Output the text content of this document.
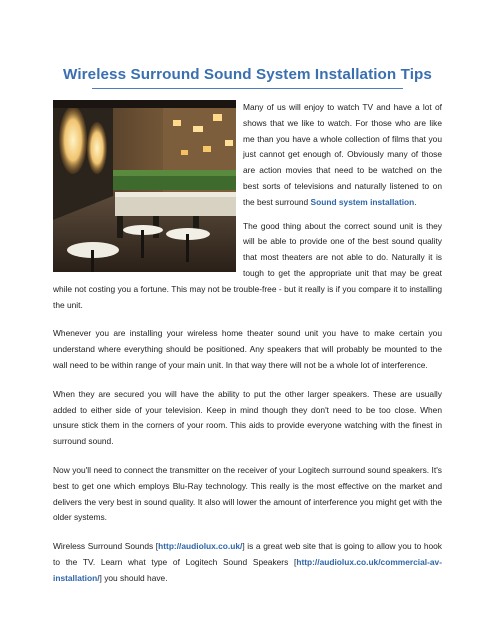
Wireless Surround Sound System Installation Tips

Many of us will enjoy to watch TV and have a lot of shows that we like to watch. For those who are like me than you have a whole collection of films that you just cannot get enough of. Obviously many of those are action movies that need to be watched on the best sorts of televisions and naturally listened to on the best surround Sound system installation.

The good thing about the correct sound unit is they will be able to provide one of the best sound quality that most theaters are not able to do. Naturally it is tough to get the appropriate unit that may be great while not costing you a fortune. This may not be trouble-free - but it really is if you compare it to installing the unit.

Whenever you are installing your wireless home theater sound unit you have to make certain you understand where everything should be positioned. Any speakers that will probably be mounted to the wall need to be within range of your main unit. In that way there will not be a whole lot of interference.

When they are secured you will have the ability to put the other larger speakers. These are usually added to either side of your television. Keep in mind though they don't need to be too close. When unsure stick them in the corners of your room. This aids to provide everyone watching with the finest in surround sound.

Now you'll need to connect the transmitter on the receiver of your Logitech surround sound speakers. It's best to get one which employs Blu-Ray technology. This really is the most effective on the market and delivers the very best in sound quality. It also will lower the amount of interference you might get with the older systems.

Wireless Surround Sounds [http://audiolux.co.uk/] is a great web site that is going to allow you to hook to the TV. Learn what type of Logitech Sound Speakers [http://audiolux.co.uk/commercial-av-installation/] you should have.
